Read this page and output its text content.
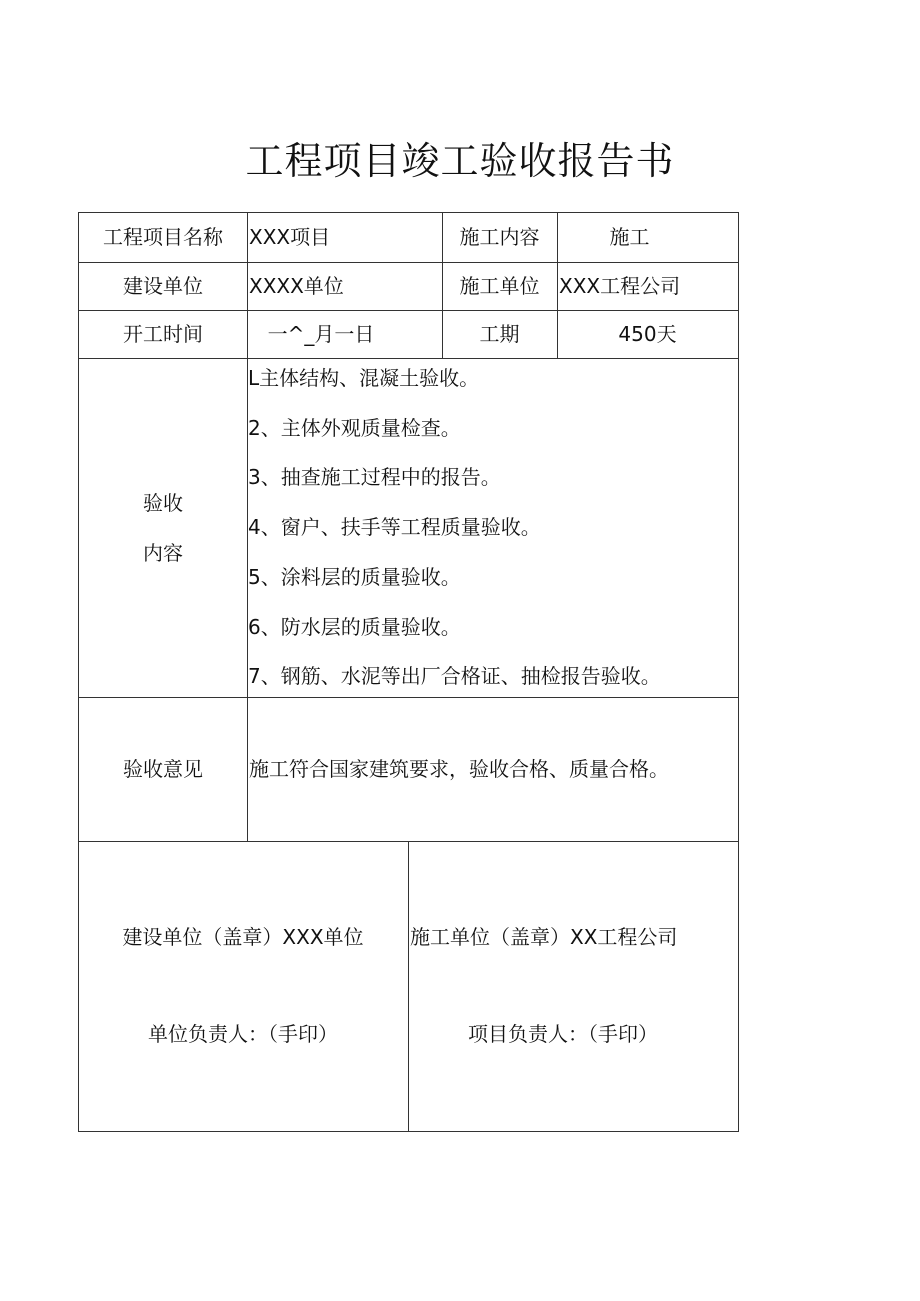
工程项目竣工验收报告书
工程项目名称	XXX项目	施工内容	施工
建设单位	XXXX单位	施工单位 XXX工程公司
开工时间	一^_月一日	工期	450天
验收
内容
L主体结构、混凝土验收。
2、主体外观质量检查。
3、抽查施工过程中的报告。
4、窗户、扶手等工程质量验收。
5、涂料层的质量验收。
6、防水层的质量验收。
7、钢筋、水泥等出厂合格证、抽检报告验收。
验收意见	施工符合国家建筑要求，验收合格、质量合格。
建设单位（盖章）XXX单位
单位负责人：（手印）
施工单位（盖章）XX工程公司
项目负责人：（手印）
